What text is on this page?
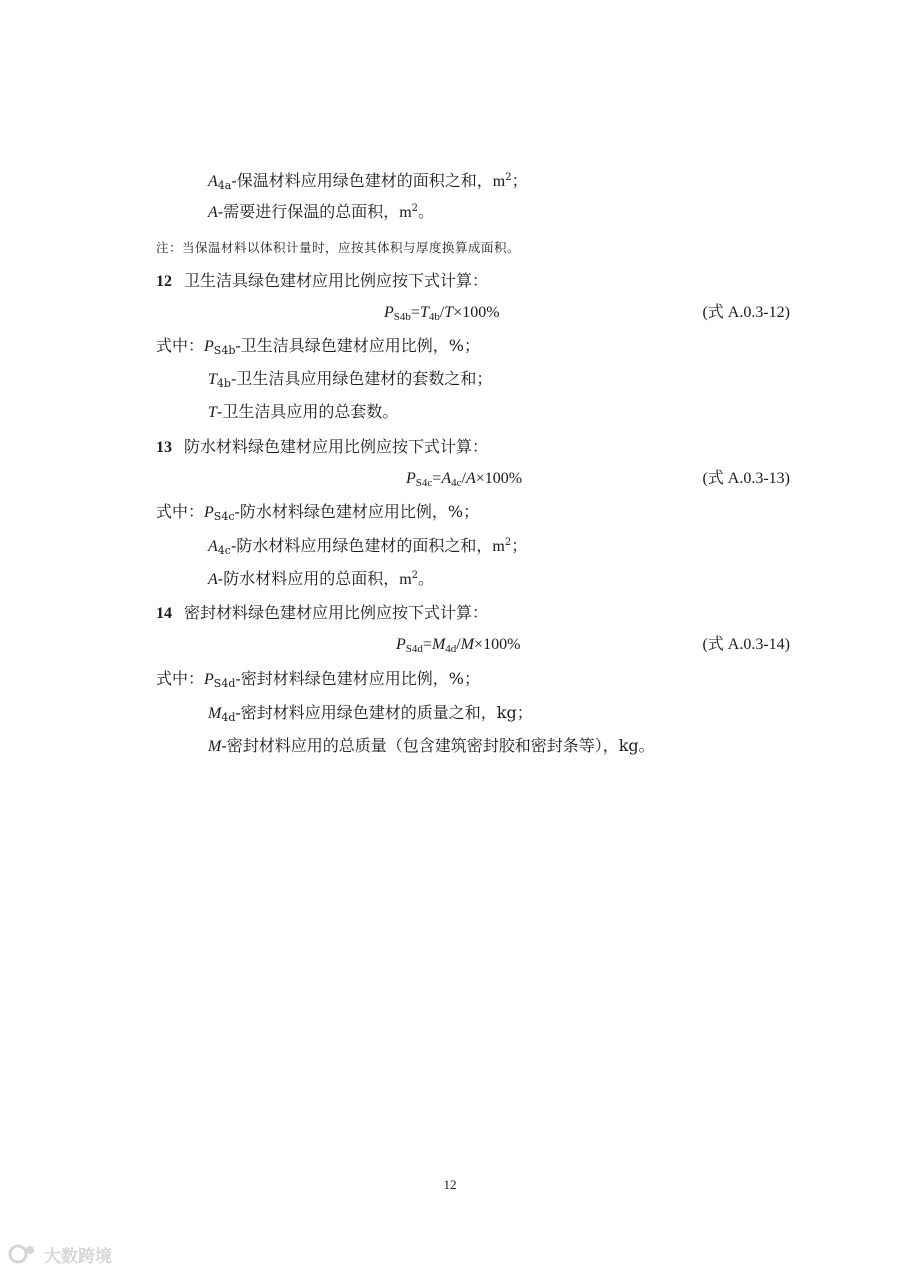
$A_{4a}-$保温材料应用绿色建材的面积之和，$m^2$；
A-需要进行保温的总面积，$m^2$。
注：当保温材料以体积计量时，应按其体积与厚度换算成面积。
12 卫生洁具绿色建材应用比例应按下式计算：
$P_{S4b}=T_{4b}/T\times 100\%$	(式 A.0.3-12)
式中：$P_{S4b}-$卫生洁具绿色建材应用比例，%；
$T_{4b}-$卫生洁具应用绿色建材的套数之和；
T-卫生洁具应用的总套数。
13 防水材料绿色建材应用比例应按下式计算：
$P_{S4c}=A_{4c}/A\times 100\%$	(式 A.0.3-13)
式中：$P_{S4c}-$防水材料绿色建材应用比例，%；
$A_{4c}-$防水材料应用绿色建材的面积之和，$m^2$；
A-防水材料应用的总面积，$m^2$。
14 密封材料绿色建材应用比例应按下式计算：
$P_{S4d}=M_{4d}/M\times 100\%$	(式 A.0.3-14)
式中：$P_{S4d}-$密封材料绿色建材应用比例，%；
$M_{4d}-$密封材料应用绿色建材的质量之和，kg；
M-密封材料应用的总质量（包含建筑密封胶和密封条等），kg。
12
大数跨境
